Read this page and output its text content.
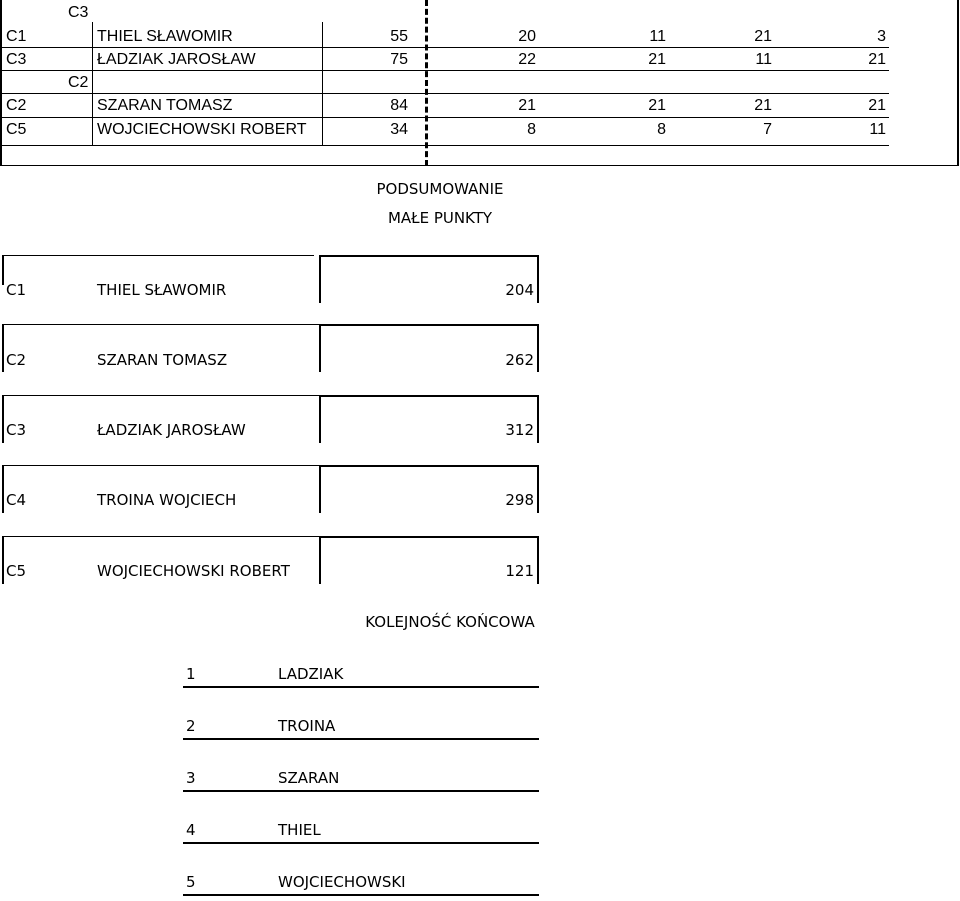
C3
C1	THIEL SŁAWOMIR	55	20	11	21	3
C3	ŁADZIAK JAROSŁAW	75	22	21	11	21
C2
C2	SZARAN TOMASZ	84	21	21	21	21
C5	WOJCIECHOWSKI ROBERT	34	8	8	7	11
PODSUMOWANIE
MAŁE PUNKTY
C1	THIEL SŁAWOMIR	204
C2	SZARAN TOMASZ	262
C3	ŁADZIAK JAROSŁAW	312
C4	TROINA WOJCIECH	298
C5	WOJCIECHOWSKI ROBERT	121
KOLEJNOŚĆ KOŃCOWA
1	LADZIAK
2	TROINA
3	SZARAN
4	THIEL
5	WOJCIECHOWSKI
